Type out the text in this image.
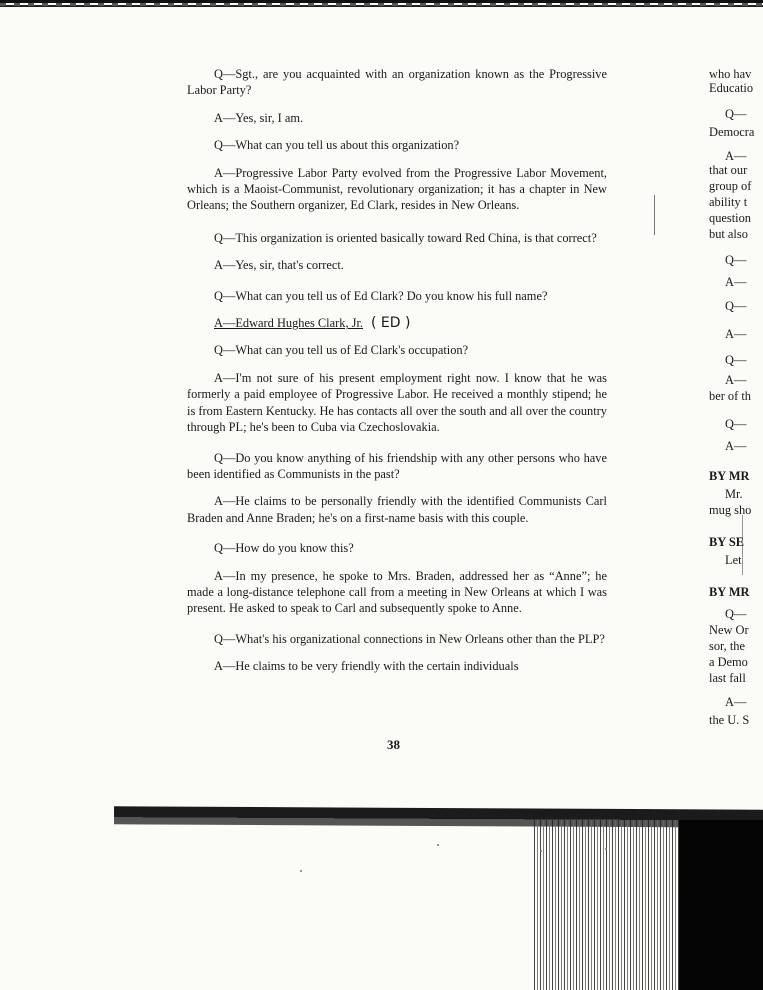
Q—Sgt., are you acquainted with an organization known as the Progressive Labor Party?

A—Yes, sir, I am.

Q—What can you tell us about this organization?

A—Progressive Labor Party evolved from the Progressive Labor Movement, which is a Maoist-Communist, revolutionary organization; it has a chapter in New Orleans; the Southern organizer, Ed Clark, resides in New Orleans.

Q—This organization is oriented basically toward Red China, is that correct?

A—Yes, sir, that's correct.

Q—What can you tell us of Ed Clark? Do you know his full name?

A—Edward Hughes Clark, Jr. ( ED )

Q—What can you tell us of Ed Clark's occupation?

A—I'm not sure of his present employment right now. I know that he was formerly a paid employee of Progressive Labor. He received a monthly stipend; he is from Eastern Kentucky. He has contacts all over the south and all over the country through PL; he's been to Cuba via Czechoslovakia.

Q—Do you know anything of his friendship with any other persons who have been identified as Communists in the past?

A—He claims to be personally friendly with the identified Communists Carl Braden and Anne Braden; he's on a first-name basis with this couple.

Q—How do you know this?

A—In my presence, he spoke to Mrs. Braden, addressed her as “Anne”; he made a long-distance telephone call from a meeting in New Orleans at which I was present. He asked to speak to Carl and subsequently spoke to Anne.

Q—What's his organizational connections in New Orleans other than the PLP?

A—He claims to be very friendly with the certain individuals

38
who hav
Educatio
Q—
Democra
A—
that our
group of
ability t
question
but also
Q—
A—
Q—
A—
Q—
A—
ber of th
Q—
A—
BY MR
Mr.
mug sho
BY SE
Let
BY MR
Q—
New Or
sor, the
a Demo
last fall
A—
the U. S
